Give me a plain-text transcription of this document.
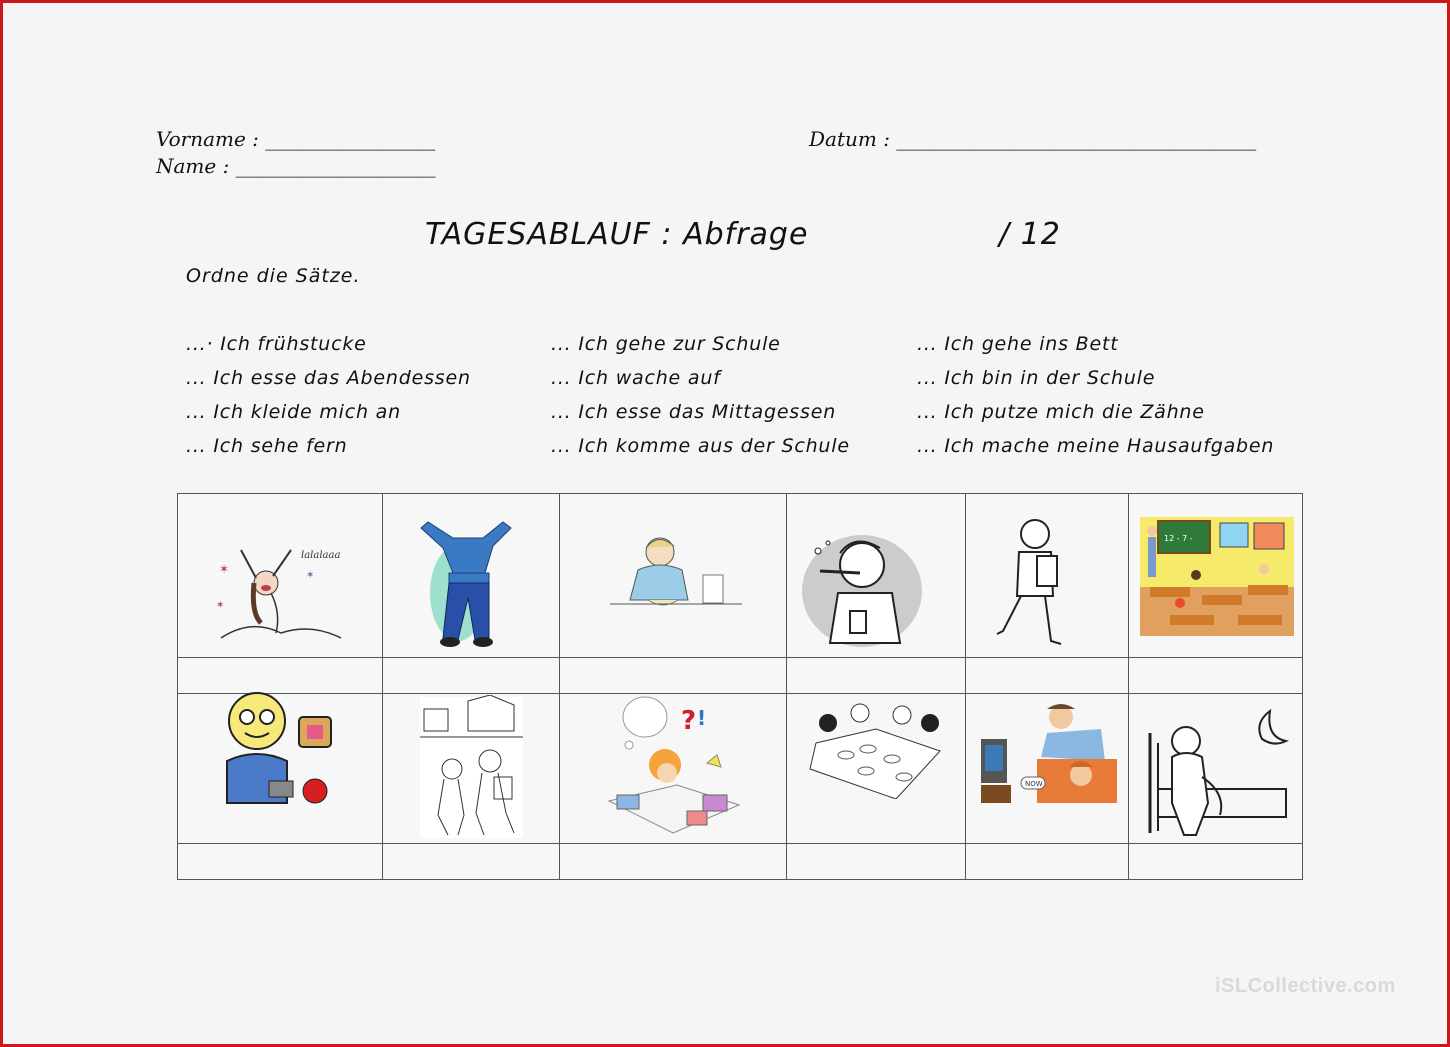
Vorname : _________________
Name : ____________________
Datum : ____________________________________
TAGESABLAUF : Abfrage	/ 12
Ordne die Sätze.
...· Ich frühstucke
... Ich esse das Abendessen
... Ich kleide mich an
... Ich sehe fern
... Ich gehe zur Schule
... Ich wache auf
... Ich esse das Mittagessen
... Ich komme aus der Schule
... Ich gehe ins Bett
... Ich bin in der Schule
... Ich putze mich die Zähne
... Ich mache meine Hausaufgaben
✶	✶
✶
lalalaaa
12 - 7 -
? !
NOW
iSLCollective.com
